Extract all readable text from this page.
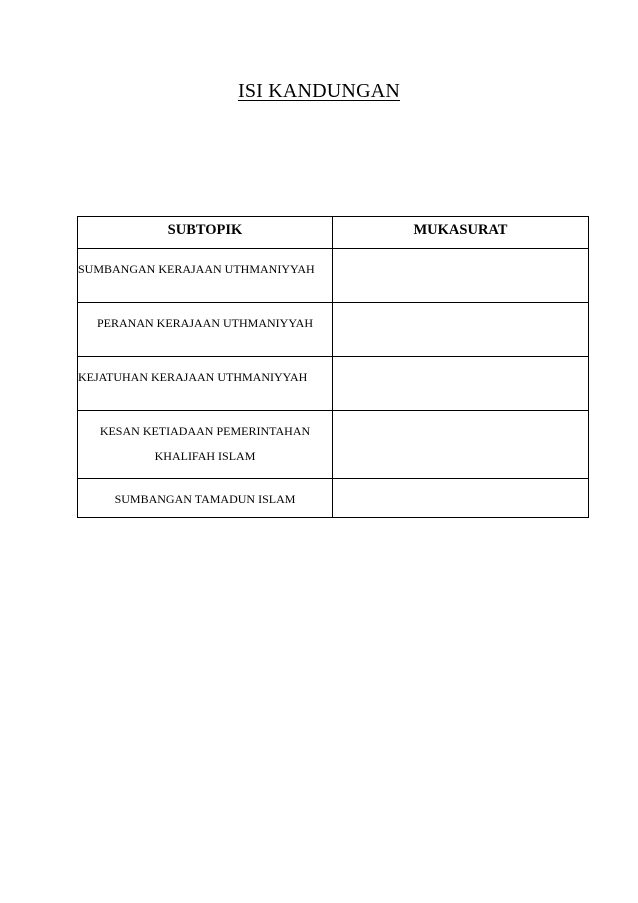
ISI KANDUNGAN
SUBTOPIK	MUKASURAT

SUMBANGAN KERAJAAN UTHMANIYYAH	

PERANAN KERAJAAN UTHMANIYYAH	

KEJATUHAN KERAJAAN UTHMANIYYAH	

KESAN KETIADAAN PEMERINTAHAN
KHALIFAH ISLAM	

SUMBANGAN TAMADUN ISLAM	
